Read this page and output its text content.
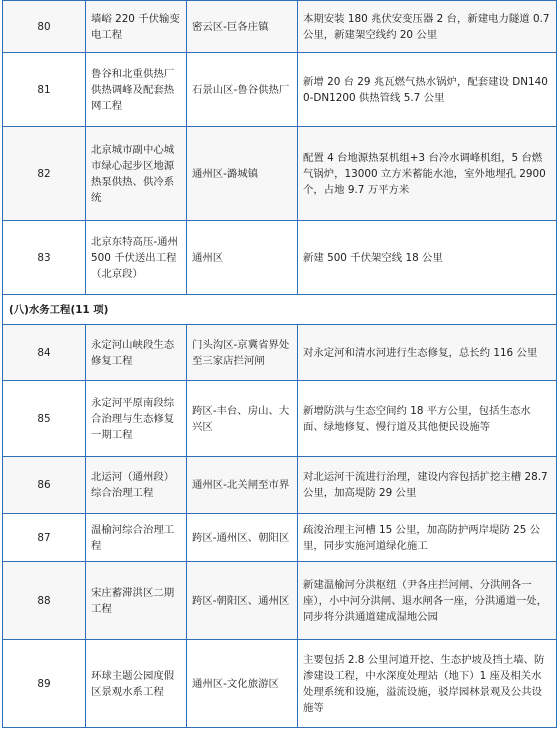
80	墙峪 220 千伏输变电工程	密云区-巨各庄镇	本期安装 180 兆伏安变压器 2 台，新建电力隧道 0.7 公里，新建架空线约 20 公里
81	鲁谷和北重供热厂供热调峰及配套热网工程	石景山区-鲁谷供热厂	新增 20 台 29 兆瓦燃气热水锅炉，配套建设 DN1400-DN1200 供热管线 5.7 公里
82	北京城市副中心城市绿心起步区地源热泵供热、供冷系统	通州区-潞城镇	配置 4 台地源热泵机组+3 台冷水调峰机组，5 台燃气锅炉，13000 立方米蓄能水池，室外地埋孔 2900 个，占地 9.7 万平方米
83	北京东特高压-通州 500 千伏送出工程（北京段）	通州区	新建 500 千伏架空线 18 公里
(八)水务工程(11 项)			
84	永定河山峡段生态修复工程	门头沟区-京冀省界处至三家店拦河闸	对永定河和清水河进行生态修复，总长约 116 公里
85	永定河平原南段综合治理与生态修复一期工程	跨区-丰台、房山、大兴区	新增防洪与生态空间约 18 平方公里，包括生态水面、绿地修复、慢行道及其他便民设施等
86	北运河（通州段）综合治理工程	通州区-北关闸至市界	对北运河干流进行治理，建设内容包括扩挖主槽 28.7 公里，加高堤防 29 公里
87	温榆河综合治理工程	跨区-通州区、朝阳区	疏浚治理主河槽 15 公里，加高防护两岸堤防 25 公里，同步实施河道绿化施工
88	宋庄蓄滞洪区二期工程	跨区-朝阳区、通州区	新建温榆河分洪枢纽（尹各庄拦河闸、分洪闸各一座），小中河分洪闸、退水闸各一座，分洪通道一处，同步将分洪通道建成湿地公园
89	环球主题公园度假区景观水系工程	通州区-文化旅游区	主要包括 2.8 公里河道开挖、生态护坡及挡土墙、防渗建设工程，中水深度处理站（地下）1 座及相关水处理系统和设施，溢流设施，驳岸园林景观及公共设施等
